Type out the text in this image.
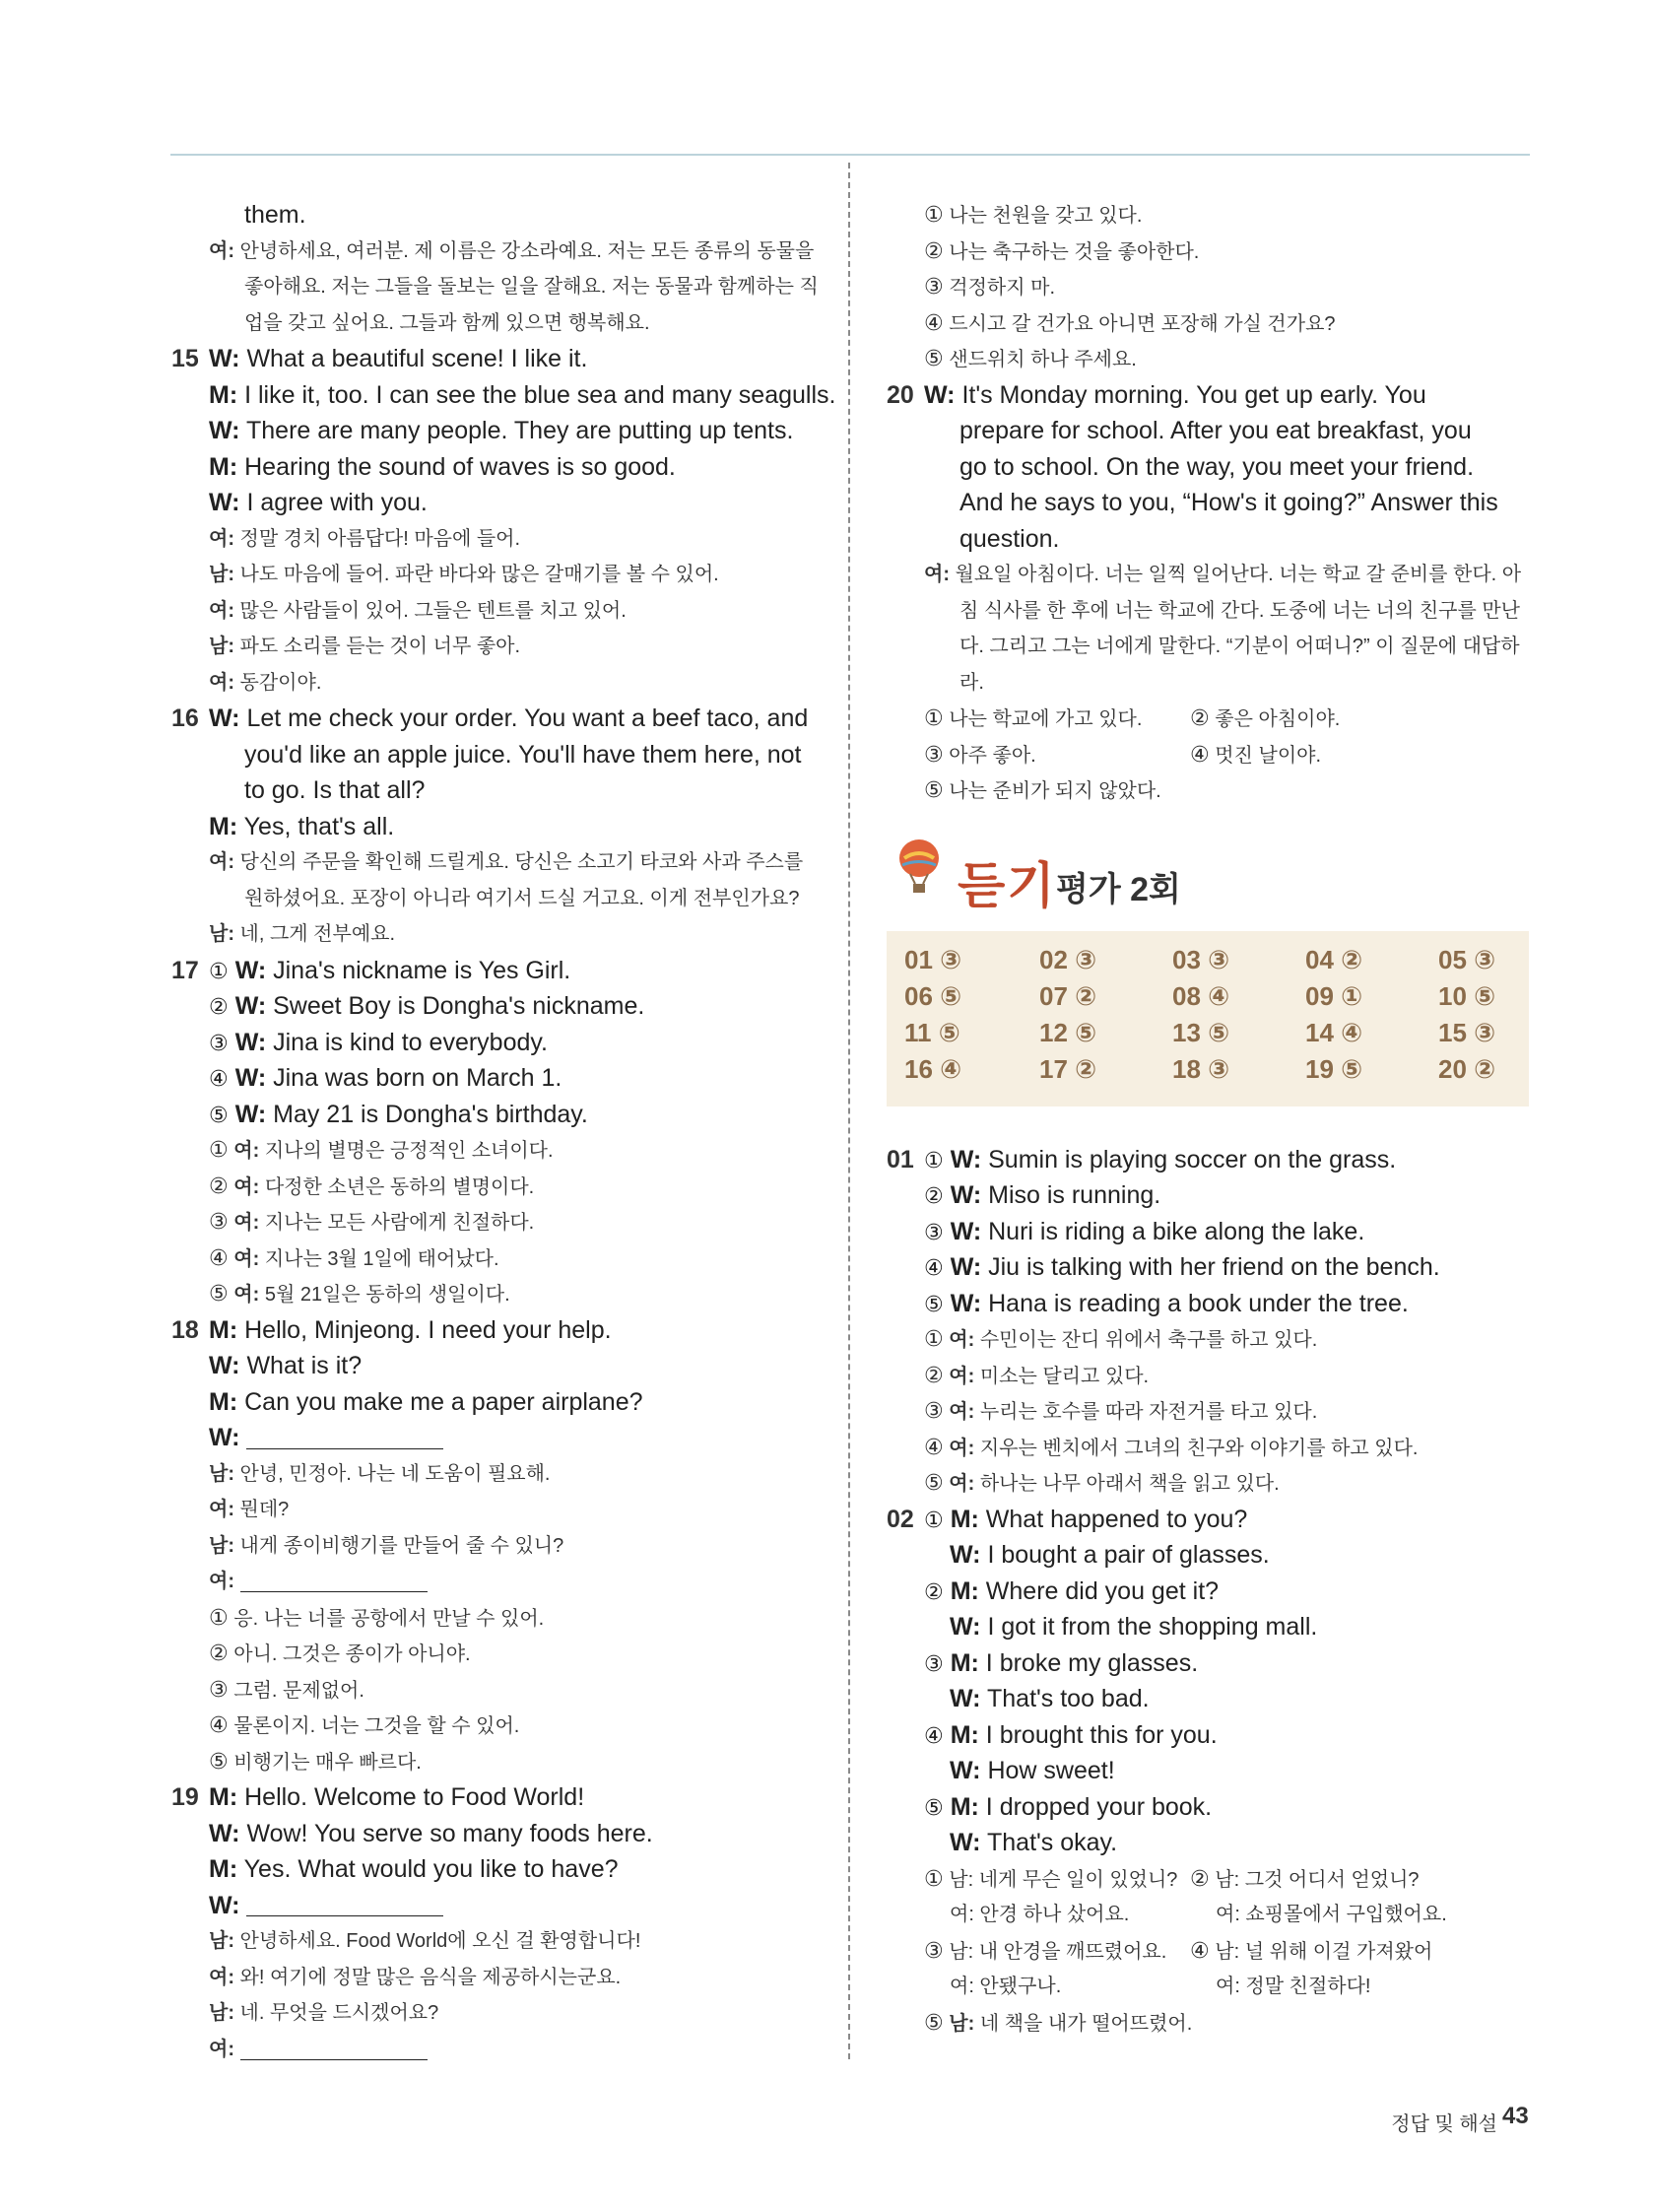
them.
여: 안녕하세요, 여러분. 제 이름은 강소라예요. 저는 모든 종류의 동물을
좋아해요. 저는 그들을 돌보는 일을 잘해요. 저는 동물과 함께하는 직
업을 갖고 싶어요. 그들과 함께 있으면 행복해요.
15 W: What a beautiful scene! I like it.
M: I like it, too. I can see the blue sea and many seagulls.
W: There are many people. They are putting up tents.
M: Hearing the sound of waves is so good.
W: I agree with you.
여: 정말 경치 아름답다! 마음에 들어.
남: 나도 마음에 들어. 파란 바다와 많은 갈매기를 볼 수 있어.
여: 많은 사람들이 있어. 그들은 텐트를 치고 있어.
남: 파도 소리를 듣는 것이 너무 좋아.
여: 동감이야.
16 W: Let me check your order. You want a beef taco, and
you'd like an apple juice. You'll have them here, not
to go. Is that all?
M: Yes, that's all.
여: 당신의 주문을 확인해 드릴게요. 당신은 소고기 타코와 사과 주스를
원하셨어요. 포장이 아니라 여기서 드실 거고요. 이게 전부인가요?
남: 네, 그게 전부예요.
17 ① W: Jina's nickname is Yes Girl.
② W: Sweet Boy is Dongha's nickname.
③ W: Jina is kind to everybody.
④ W: Jina was born on March 1.
⑤ W: May 21 is Dongha's birthday.
① 여: 지나의 별명은 긍정적인 소녀이다.
② 여: 다정한 소년은 동하의 별명이다.
③ 여: 지나는 모든 사람에게 친절하다.
④ 여: 지나는 3월 1일에 태어났다.
⑤ 여: 5월 21일은 동하의 생일이다.
18 M: Hello, Minjeong. I need your help.
W: What is it?
M: Can you make me a paper airplane?
W:
남: 안녕, 민정아. 나는 네 도움이 필요해.
여: 뭔데?
남: 내게 종이비행기를 만들어 줄 수 있니?
여:
① 응. 나는 너를 공항에서 만날 수 있어.
② 아니. 그것은 종이가 아니야.
③ 그럼. 문제없어.
④ 물론이지. 너는 그것을 할 수 있어.
⑤ 비행기는 매우 빠르다.
19 M: Hello. Welcome to Food World!
W: Wow! You serve so many foods here.
M: Yes. What would you like to have?
W:
남: 안녕하세요. Food World에 오신 걸 환영합니다!
여: 와! 여기에 정말 많은 음식을 제공하시는군요.
남: 네. 무엇을 드시겠어요?
여:
① 나는 천원을 갖고 있다.
② 나는 축구하는 것을 좋아한다.
③ 걱정하지 마.
④ 드시고 갈 건가요 아니면 포장해 가실 건가요?
⑤ 샌드위치 하나 주세요.
20 W: It's Monday morning. You get up early. You
prepare for school. After you eat breakfast, you
go to school. On the way, you meet your friend.
And he says to you, “How's it going?” Answer this
question.
여: 월요일 아침이다. 너는 일찍 일어난다. 너는 학교 갈 준비를 한다. 아
침 식사를 한 후에 너는 학교에 간다. 도중에 너는 너의 친구를 만난
다. 그리고 그는 너에게 말한다. “기분이 어떠니?” 이 질문에 대답하
라.
① 나는 학교에 가고 있다. ② 좋은 아침이야.
③ 아주 좋아.	④ 멋진 날이야.
⑤ 나는 준비가 되지 않았다.
듣기 평가 2회
01 ③	02 ③	03 ③	04 ②	05 ③
06 ⑤	07 ②	08 ④	09 ①	10 ⑤
11 ⑤	12 ⑤	13 ⑤	14 ④	15 ③
16 ④	17 ②	18 ③	19 ⑤	20 ②
01 ① W: Sumin is playing soccer on the grass.
② W: Miso is running.
③ W: Nuri is riding a bike along the lake.
④ W: Jiu is talking with her friend on the bench.
⑤ W: Hana is reading a book under the tree.
① 여: 수민이는 잔디 위에서 축구를 하고 있다.
② 여: 미소는 달리고 있다.
③ 여: 누리는 호수를 따라 자전거를 타고 있다.
④ 여: 지우는 벤치에서 그녀의 친구와 이야기를 하고 있다.
⑤ 여: 하나는 나무 아래서 책을 읽고 있다.
02 ① M: What happened to you?
W: I bought a pair of glasses.
② M: Where did you get it?
W: I got it from the shopping mall.
③ M: I broke my glasses.
W: That's too bad.
④ M: I brought this for you.
W: How sweet!
⑤ M: I dropped your book.
W: That's okay.
① 남: 네게 무슨 일이 있었니? ② 남: 그것 어디서 얻었니?
여: 안경 하나 샀어요.	여: 쇼핑몰에서 구입했어요.
③ 남: 내 안경을 깨뜨렸어요. ④ 남: 널 위해 이걸 가져왔어
여: 안됐구나.	여: 정말 친절하다!
⑤ 남: 네 책을 내가 떨어뜨렸어.
정답 및 해설 43
